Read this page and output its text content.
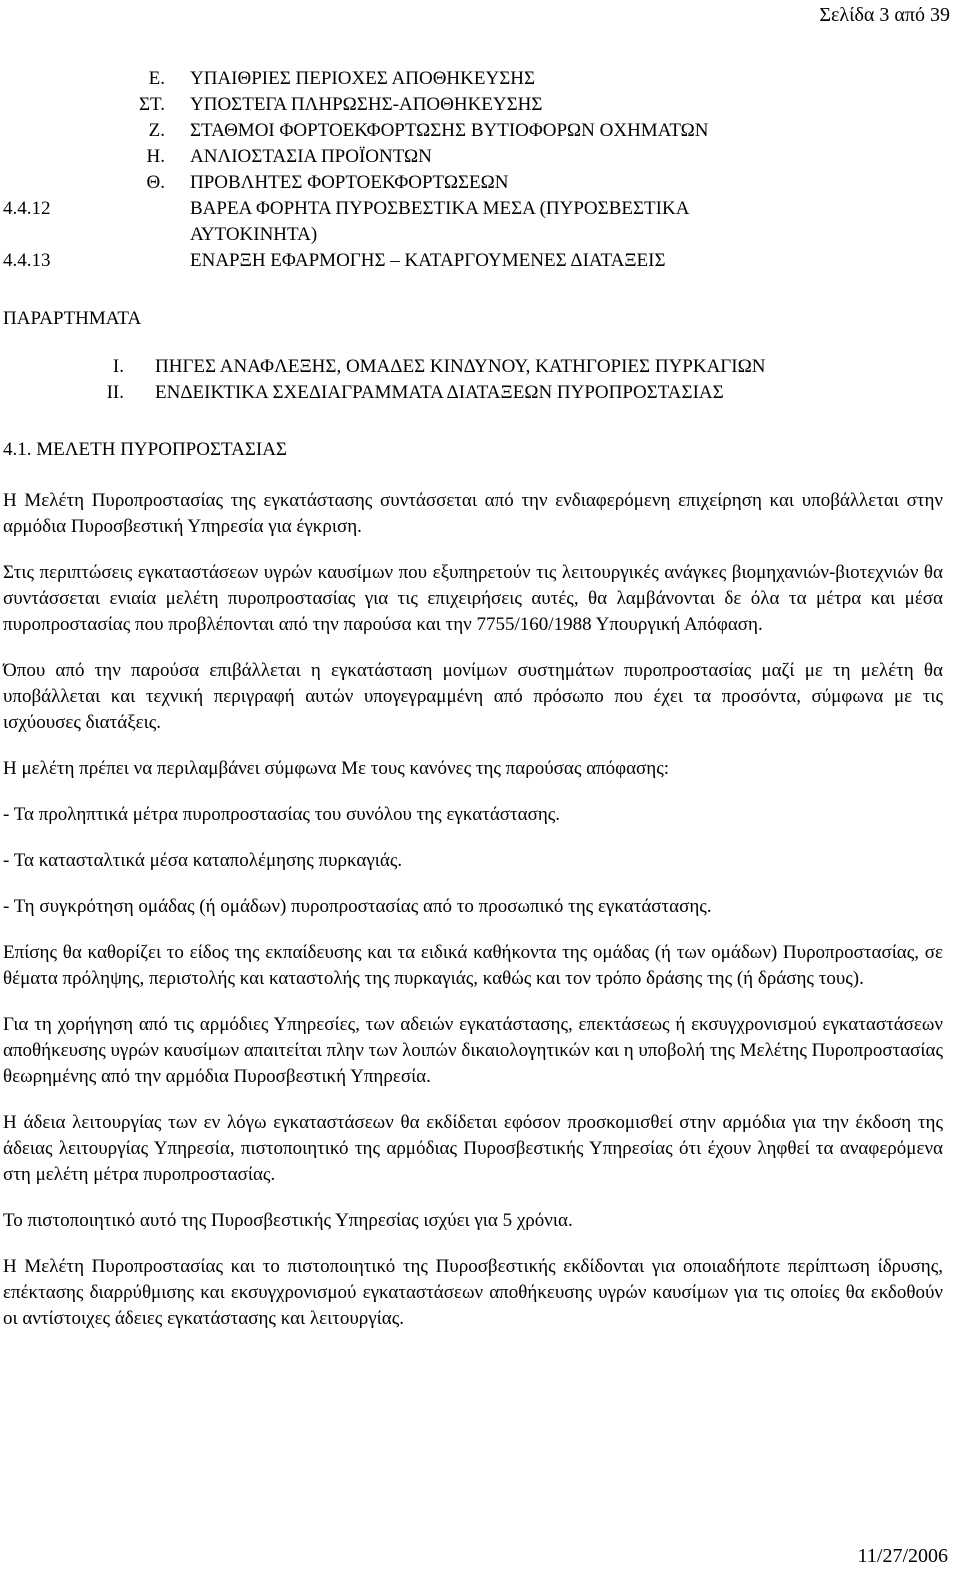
Σελίδα 3 από 39
Ε. ΥΠΑΙΘΡΙΕΣ ΠΕΡΙΟΧΕΣ ΑΠΟΘΗΚΕΥΣΗΣ
ΣΤ. ΥΠΟΣΤΕΓΑ ΠΛΗΡΩΣΗΣ-ΑΠΟΘΗΚΕΥΣΗΣ
Ζ. ΣΤΑΘΜΟΙ ΦΟΡΤΟΕΚΦΟΡΤΩΣΗΣ ΒΥΤΙΟΦΟΡΩΝ ΟΧΗΜΑΤΩΝ
Η. ΑΝΛΙΟΣΤΑΣΙΑ ΠΡΟΪΟΝΤΩΝ
Θ. ΠΡΟΒΛΗΤΕΣ ΦΟΡΤΟΕΚΦΟΡΤΩΣΕΩΝ
4.4.12	ΒΑΡΕΑ ΦΟΡΗΤΑ ΠΥΡΟΣΒΕΣΤΙΚΑ ΜΕΣΑ (ΠΥΡΟΣΒΕΣΤΙΚΑ
ΑΥΤΟΚΙΝΗΤΑ)
4.4.13	ΕΝΑΡΞΗ ΕΦΑΡΜΟΓΗΣ – ΚΑΤΑΡΓΟΥΜΕΝΕΣ ΔΙΑΤΑΞΕΙΣ
ΠΑΡΑΡΤΗΜΑΤΑ
I. ΠΗΓΕΣ ΑΝΑΦΛΕΞΗΣ, ΟΜΑΔΕΣ ΚΙΝΔΥΝΟΥ, ΚΑΤΗΓΟΡΙΕΣ ΠΥΡΚΑΓΙΩΝ
II. ΕΝΔΕΙΚΤΙΚΑ ΣΧΕΔΙΑΓΡΑΜΜΑΤΑ ΔΙΑΤΑΞΕΩΝ ΠΥΡΟΠΡΟΣΤΑΣΙΑΣ
4.1. ΜΕΛΕΤΗ ΠΥΡΟΠΡΟΣΤΑΣΙΑΣ

Η Μελέτη Πυροπροστασίας της εγκατάστασης συντάσσεται από την ενδιαφερόμενη επιχείρηση και υποβάλλεται στην αρμόδια Πυροσβεστική Υπηρεσία για έγκριση.

Στις περιπτώσεις εγκαταστάσεων υγρών καυσίμων που εξυπηρετούν τις λειτουργικές ανάγκες βιομηχανιών-βιοτεχνιών θα συντάσσεται ενιαία μελέτη πυροπροστασίας για τις επιχειρήσεις αυτές, θα λαμβάνονται δε όλα τα μέτρα και μέσα πυροπροστασίας που προβλέπονται από την παρούσα και την 7755/160/1988 Υπουργική Απόφαση.

Όπου από την παρούσα επιβάλλεται η εγκατάσταση μονίμων συστημάτων πυροπροστασίας μαζί με τη μελέτη θα υποβάλλεται και τεχνική περιγραφή αυτών υπογεγραμμένη από πρόσωπο που έχει τα προσόντα, σύμφωνα με τις ισχύουσες διατάξεις.

Η μελέτη πρέπει να περιλαμβάνει σύμφωνα Με τους κανόνες της παρούσας απόφασης:

- Τα προληπτικά μέτρα πυροπροστασίας του συνόλου της εγκατάστασης.

- Τα κατασταλτικά μέσα καταπολέμησης πυρκαγιάς.

- Τη συγκρότηση ομάδας (ή ομάδων) πυροπροστασίας από το προσωπικό της εγκατάστασης.

Επίσης θα καθορίζει το είδος της εκπαίδευσης και τα ειδικά καθήκοντα της ομάδας (ή των ομάδων) Πυροπροστασίας, σε θέματα πρόληψης, περιστολής και καταστολής της πυρκαγιάς, καθώς και τον τρόπο δράσης της (ή δράσης τους).

Για τη χορήγηση από τις αρμόδιες Υπηρεσίες, των αδειών εγκατάστασης, επεκτάσεως ή εκσυγχρονισμού εγκαταστάσεων αποθήκευσης υγρών καυσίμων απαιτείται πλην των λοιπών δικαιολογητικών και η υποβολή της Μελέτης Πυροπροστασίας θεωρημένης από την αρμόδια Πυροσβεστική Υπηρεσία.

Η άδεια λειτουργίας των εν λόγω εγκαταστάσεων θα εκδίδεται εφόσον προσκομισθεί στην αρμόδια για την έκδοση της άδειας λειτουργίας Υπηρεσία, πιστοποιητικό της αρμόδιας Πυροσβεστικής Υπηρεσίας ότι έχουν ληφθεί τα αναφερόμενα στη μελέτη μέτρα πυροπροστασίας.

Το πιστοποιητικό αυτό της Πυροσβεστικής Υπηρεσίας ισχύει για 5 χρόνια.

Η Μελέτη Πυροπροστασίας και το πιστοποιητικό της Πυροσβεστικής εκδίδονται για οποιαδήποτε περίπτωση ίδρυσης, επέκτασης διαρρύθμισης και εκσυγχρονισμού εγκαταστάσεων αποθήκευσης υγρών καυσίμων για τις οποίες θα εκδοθούν οι αντίστοιχες άδειες εγκατάστασης και λειτουργίας.

11/27/2006
